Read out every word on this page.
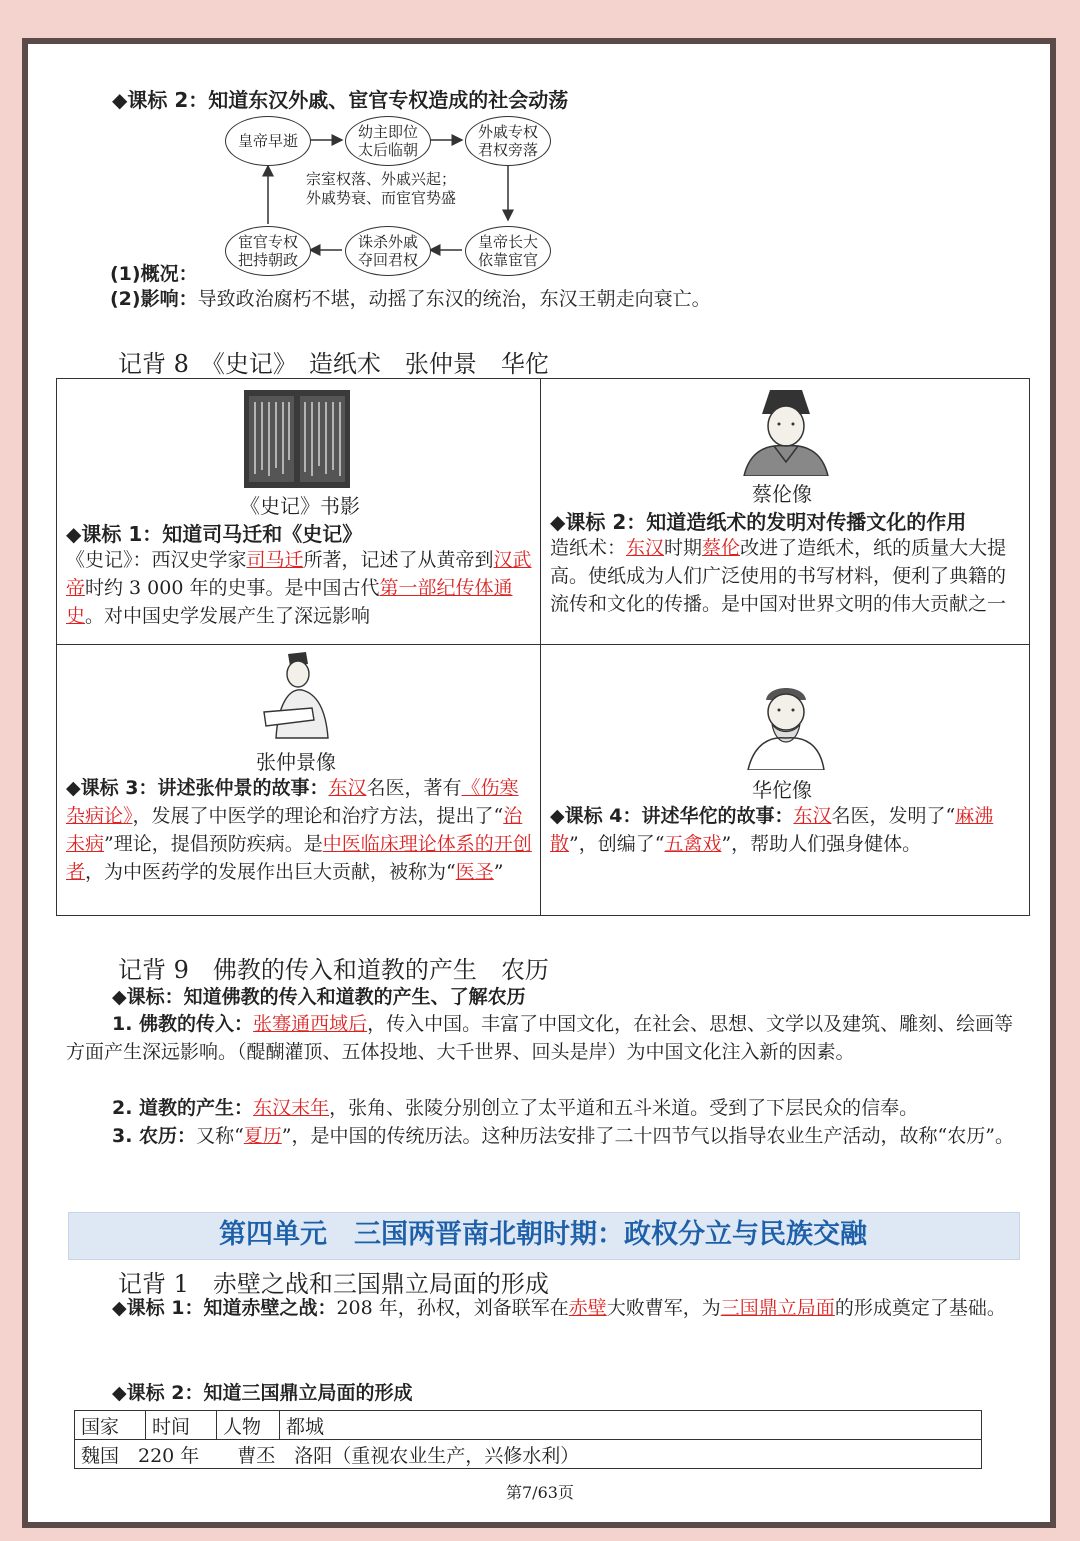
◆课标 2：知道东汉外戚、宦官专权造成的社会动荡
皇帝早逝	幼主即位
太后临朝
外戚专权
君权旁落
皇帝长大
依靠宦官
诛杀外戚
夺回君权
宦官专权
把持朝政
宗室权落、外戚兴起；
外戚势衰、而宦官势盛
(1)概况：
(2)影响：导致政治腐朽不堪，动摇了东汉的统治，东汉王朝走向衰亡。
记背 8　《史记》　造纸术　张仲景　华佗
《史记》书影
◆课标 1：知道司马迁和《史记》
《史记》：西汉史学家司马迁所著，记述了从黄帝到汉武帝时约 3 000 年的史事。是中国古代第一部纪传体通史。对中国史学发展产生了深远影响
蔡伦像
◆课标 2：知道造纸术的发明对传播文化的作用
造纸术：东汉时期蔡伦改进了造纸术，纸的质量大大提高。使纸成为人们广泛使用的书写材料，便利了典籍的流传和文化的传播。是中国对世界文明的伟大贡献之一
张仲景像
◆课标 3：讲述张仲景的故事：东汉名医，著有《伤寒杂病论》，发展了中医学的理论和治疗方法，提出了“治未病”理论，提倡预防疾病。是中医临床理论体系的开创者，为中医药学的发展作出巨大贡献，被称为“医圣”
华佗像
◆课标 4：讲述华佗的故事：东汉名医，发明了“麻沸散”，创编了“五禽戏”，帮助人们强身健体。
记背 9　佛教的传入和道教的产生　农历
◆课标：知道佛教的传入和道教的产生、了解农历
1. 佛教的传入：张骞通西域后，传入中国。丰富了中国文化，在社会、思想、文学以及建筑、雕刻、绘画等方面产生深远影响。（醍醐灌顶、五体投地、大千世界、回头是岸）为中国文化注入新的因素。
2. 道教的产生：东汉末年，张角、张陵分别创立了太平道和五斗米道。受到了下层民众的信奉。
3. 农历：又称“夏历”，是中国的传统历法。这种历法安排了二十四节气以指导农业生产活动，故称“农历”。
第四单元　三国两晋南北朝时期：政权分立与民族交融
记背 1　赤壁之战和三国鼎立局面的形成
◆课标 1：知道赤壁之战：208 年，孙权，刘备联军在赤壁大败曹军，为三国鼎立局面的形成奠定了基础。
◆课标 2：知道三国鼎立局面的形成
国家	时间	人物	都城
魏国　220 年　　曹丕　洛阳（重视农业生产，兴修水利）
第7/63页
